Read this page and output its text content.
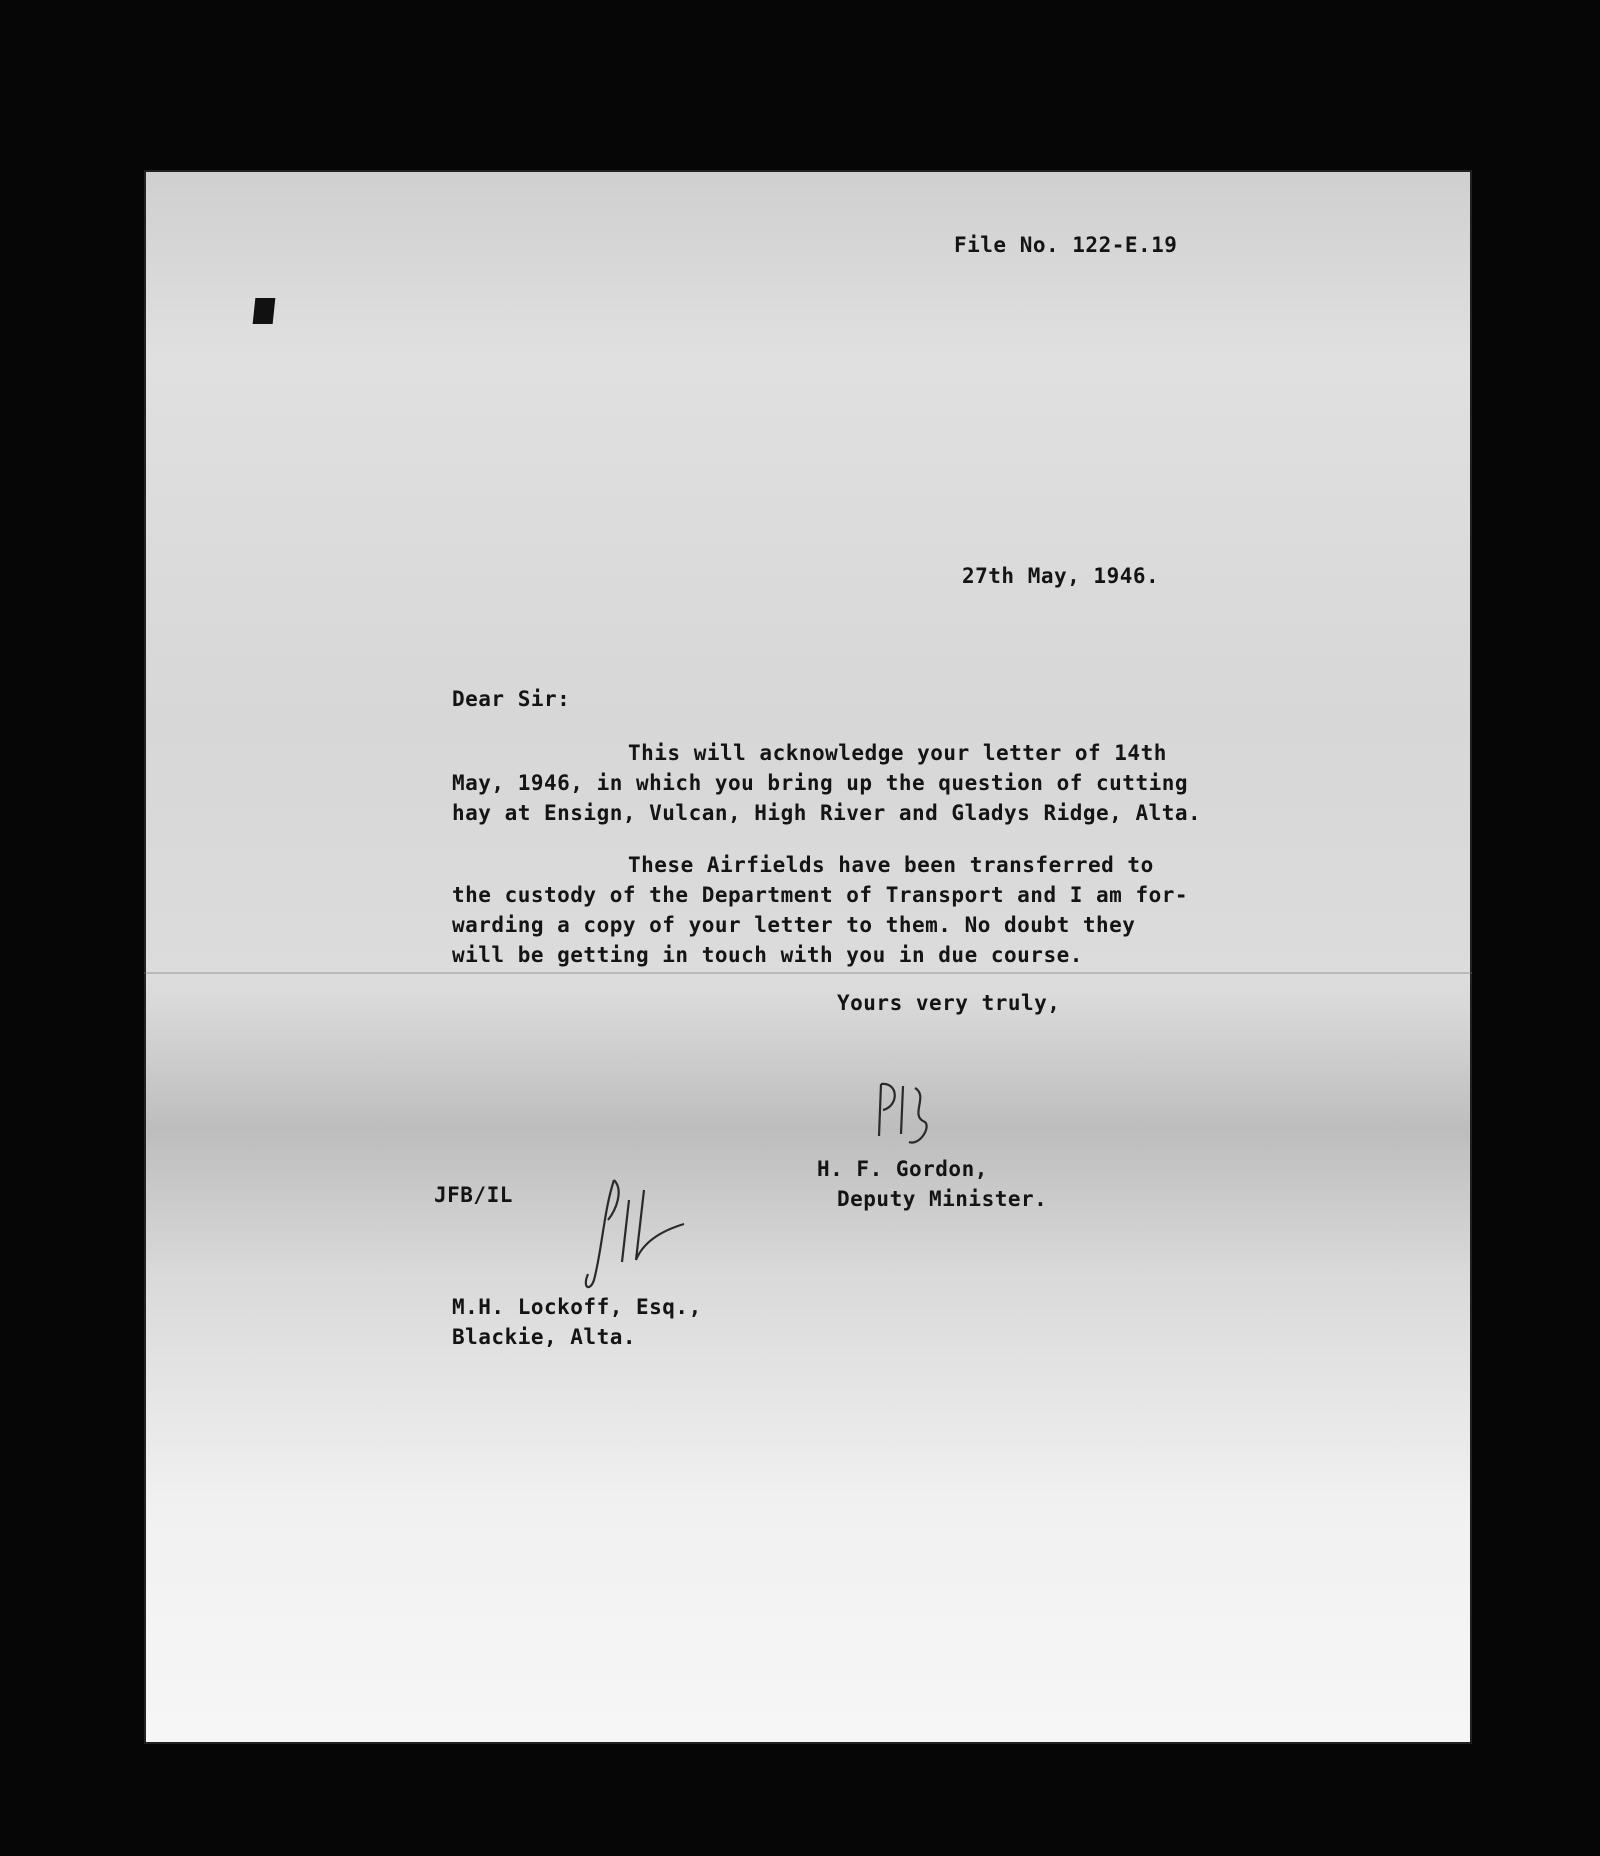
File No. 122-E.19
27th May, 1946.
Dear Sir:
This will acknowledge your letter of 14th
May, 1946, in which you bring up the question of cutting
hay at Ensign, Vulcan, High River and Gladys Ridge, Alta.
These Airfields have been transferred to
the custody of the Department of Transport and I am for-
warding a copy of your letter to them. No doubt they
will be getting in touch with you in due course.
Yours very truly,
H. F. Gordon,
Deputy Minister.
JFB/IL
M.H. Lockoff, Esq.,
Blackie, Alta.
